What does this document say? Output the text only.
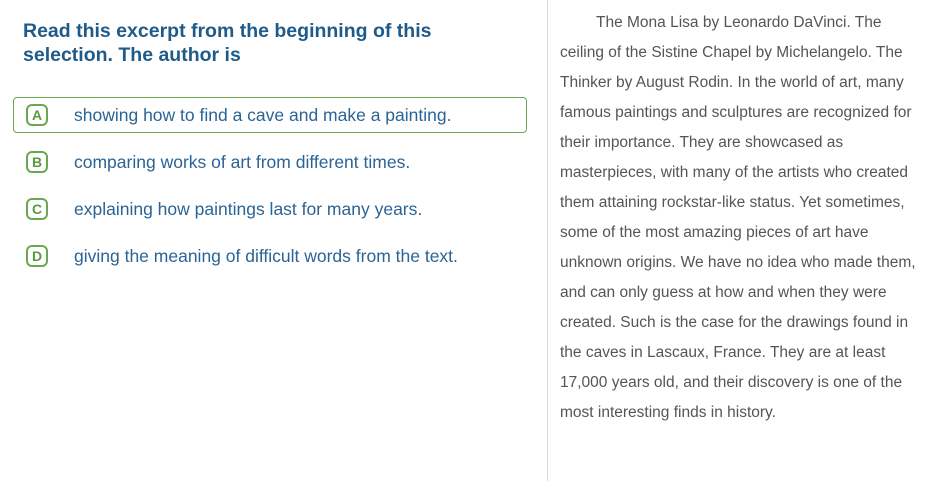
Read this excerpt from the beginning of this selection. The author is

A	showing how to find a cave and make a painting.
B	comparing works of art from different times.
C	explaining how paintings last for many years.
D	giving the meaning of difficult words from the text.

The Mona Lisa by Leonardo DaVinci. The ceiling of the Sistine Chapel by Michelangelo. The Thinker by August Rodin. In the world of art, many famous paintings and sculptures are recognized for their importance. They are showcased as masterpieces, with many of the artists who created them attaining rockstar-like status. Yet sometimes, some of the most amazing pieces of art have unknown origins. We have no idea who made them, and can only guess at how and when they were created. Such is the case for the drawings found in the caves in Lascaux, France. They are at least 17,000 years old, and their discovery is one of the most interesting finds in history.
